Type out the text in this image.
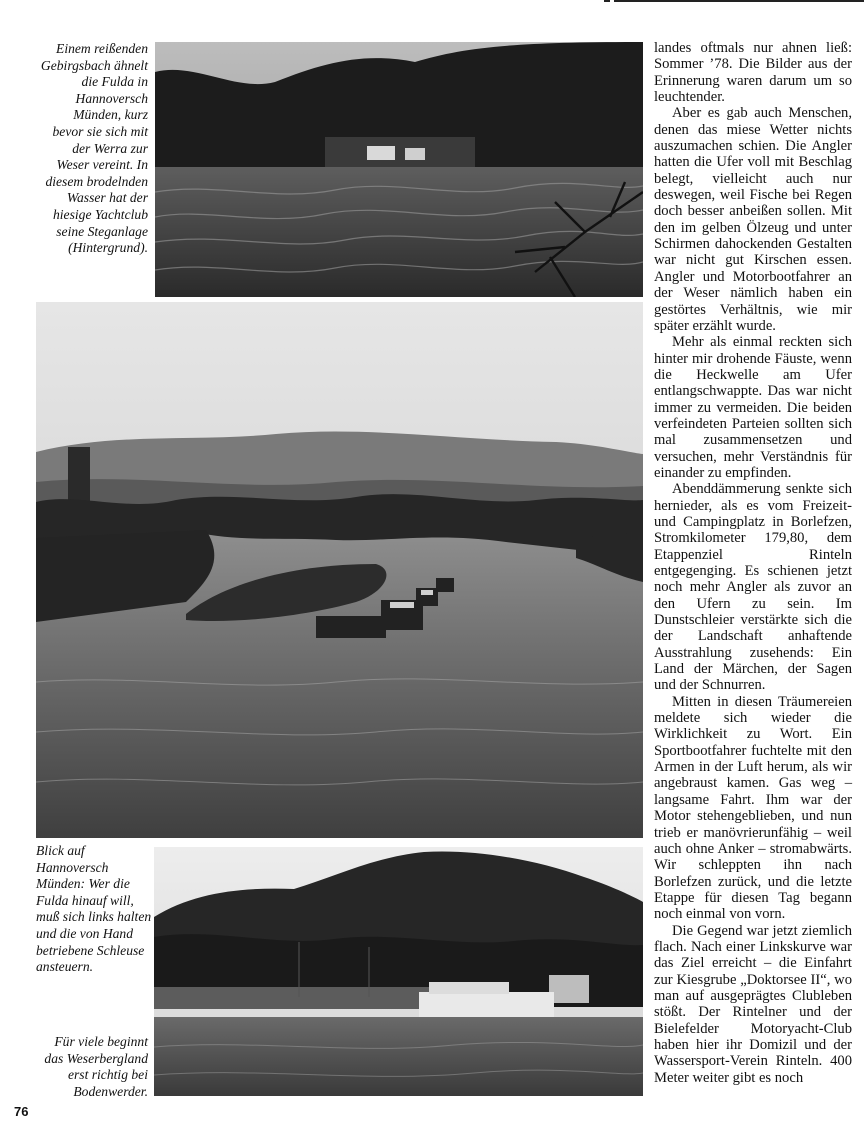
Einem reißenden Gebirgsbach ähnelt die Fulda in Hannoversch Münden, kurz bevor sie sich mit der Werra zur Weser vereint. In diesem brodelnden Wasser hat der hiesige Yachtclub seine Steganlage (Hintergrund).
Blick auf Hannoversch Münden: Wer die Fulda hinauf will, muß sich links halten und die von Hand betriebene Schleuse ansteuern.
Für viele beginnt das Weserbergland erst richtig bei Bodenwerder.

landes oftmals nur ahnen ließ: Sommer ’78. Die Bilder aus der Erinnerung waren darum um so leuchtender.

Aber es gab auch Menschen, denen das miese Wetter nichts auszumachen schien. Die Angler hatten die Ufer voll mit Beschlag belegt, vielleicht auch nur deswegen, weil Fische bei Regen doch besser anbeißen sollen. Mit den im gelben Ölzeug und unter Schirmen dahockenden Gestalten war nicht gut Kirschen essen. Angler und Motorbootfahrer an der Weser nämlich haben ein gestörtes Verhältnis, wie mir später erzählt wurde.

Mehr als einmal reckten sich hinter mir drohende Fäuste, wenn die Heckwelle am Ufer entlangschwappte. Das war nicht immer zu vermeiden. Die beiden verfeindeten Parteien sollten sich mal zusammensetzen und versuchen, mehr Verständnis für einander zu empfinden.

Abenddämmerung senkte sich hernieder, als es vom Freizeit- und Campingplatz in Borlefzen, Stromkilometer 179,80, dem Etappenziel Rinteln entgegenging. Es schienen jetzt noch mehr Angler als zuvor an den Ufern zu sein. Im Dunstschleier verstärkte sich die der Landschaft anhaftende Ausstrahlung zusehends: Ein Land der Märchen, der Sagen und der Schnurren.

Mitten in diesen Träumereien meldete sich wieder die Wirklichkeit zu Wort. Ein Sportbootfahrer fuchtelte mit den Armen in der Luft herum, als wir angebraust kamen. Gas weg – langsame Fahrt. Ihm war der Motor stehengeblieben, und nun trieb er manövrierunfähig – weil auch ohne Anker – stromabwärts. Wir schleppten ihn nach Borlefzen zurück, und die letzte Etappe für diesen Tag begann noch einmal von vorn.

Die Gegend war jetzt ziemlich flach. Nach einer Linkskurve war das Ziel erreicht – die Einfahrt zur Kiesgrube „Doktorsee II“, wo man auf ausgeprägtes Clubleben stößt. Der Rintelner und der Bielefelder Motoryacht-Club haben hier ihr Domizil und der Wassersport-Verein Rinteln. 400 Meter weiter gibt es noch

76
